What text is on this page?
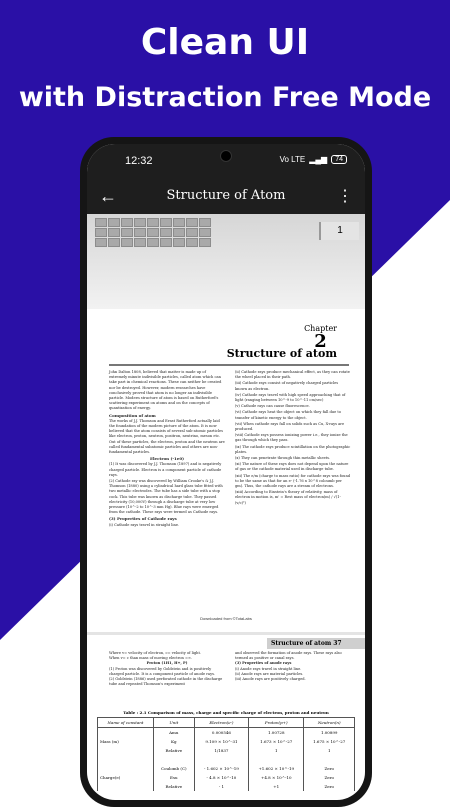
Clean UI
with Distraction Free Mode
12:32	Vo LTE ▂▄▆	74
←	Structure of Atom	⋮
1
Chapter
2
Structure of atom

John Dalton 1808, believed that matter is made up of extremely minute indivisible particles, called atom which can take part in chemical reactions. These can neither be created nor be destroyed. However, modern researches have conclusively proved that atom is no longer an indivisible particle. Modern structure of atom is based on Rutherford's scattering experiment on atoms and on the concepts of quantization of energy.

Composition of atom

The works of J.J. Thomson and Ernst Rutherford actually laid the foundation of the modern picture of the atom. It is now believed that the atom consists of several sub-atomic particles like electron, proton, neutron, positron, neutrino, meson etc. Out of these particles, the electron, proton and the neutron are called fundamental subatomic particles and others are non-fundamental particles.

Electron (-1e0)

(1) It was discovered by J.J. Thomson (1897) and is negatively charged particle. Electron is a component particle of cathode rays.

(2) Cathode ray was discovered by William Crooke's & J.J. Thomson (1880) using a cylindrical hard glass tube fitted with two metallic electrodes. The tube has a side tube with a stop cock. This tube was known as discharge tube. They passed electricity (10,000V) through a discharge tube at very low pressure (10^-2 to 10^-3 mm Hg). Blue rays were emerged from the cathode. These rays were termed as Cathode rays.

(3) Properties of Cathode rays

(i) Cathode rays travel in straight line.

(ii) Cathode rays produce mechanical effect, as they can rotate the wheel placed in their path.

(iii) Cathode rays consist of negatively charged particles known as electron.

(iv) Cathode rays travel with high speed approaching that of light (ranging between 10^-9 to 10^-11 cm/sec)

(v) Cathode rays can cause fluorescence.

(vi) Cathode rays heat the object on which they fall due to transfer of kinetic energy to the object.

(vii) When cathode rays fall on solids such as Cu, X-rays are produced.

(viii) Cathode rays possess ionizing power i.e., they ionize the gas through which they pass.

(ix) The cathode rays produce scintillation on the photographic plates.

(x) They can penetrate through thin metallic sheets.

(xi) The nature of these rays does not depend upon the nature of gas or the cathode material used in discharge tube.

(xii) The e/m (charge to mass ratio) for cathode rays was found to be the same as that for an e- (-1.76 x 10^8 coloumb per gm). Thus, the cathode rays are a stream of electrons.

(xiii) According to Einstein's theory of relativity, mass of electron in motion is, m' = Rest mass of electron(m) / √(1-(v/c)²)

Downloaded from ©TotaLabs
Structure of atom 37

Where v= velocity of electron, c= velocity of light.

When v= c than mass of moving electron =∞.

Proton (1H1, H+, P)

(1) Proton was discovered by Goldstein and is positively charged particle. It is a component particle of anode rays.

(2) Goldstein (1886) used perforated cathode in the discharge tube and repeated Thomson's experiment

and observed the formation of anode rays. These rays also termed as positive or canal rays.

(3) Properties of anode rays

(i) Anode rays travel in straight line.

(ii) Anode rays are material particles.

(iii) Anode rays are positively charged.

Table : 2.1 Comparison of mass, charge and specific charge of electron, proton and neutron
Name of constant	Unit	Electron(e-)	Proton(p+)	Neutron(n)
	Amu	0.000546	1.00728	1.00899
Mass (m)	Kg	9.109 × 10^-31	1.673 × 10^-27	1.675 × 10^-27
	Relative	1/1837	1	1

	Coulomb (C)	- 1.602 × 10^-19	+1.602 × 10^-19	Zero
Charge(e)	Esu	- 4.8 × 10^-10	+4.8 × 10^-10	Zero
	Relative	- 1	+1	Zero
